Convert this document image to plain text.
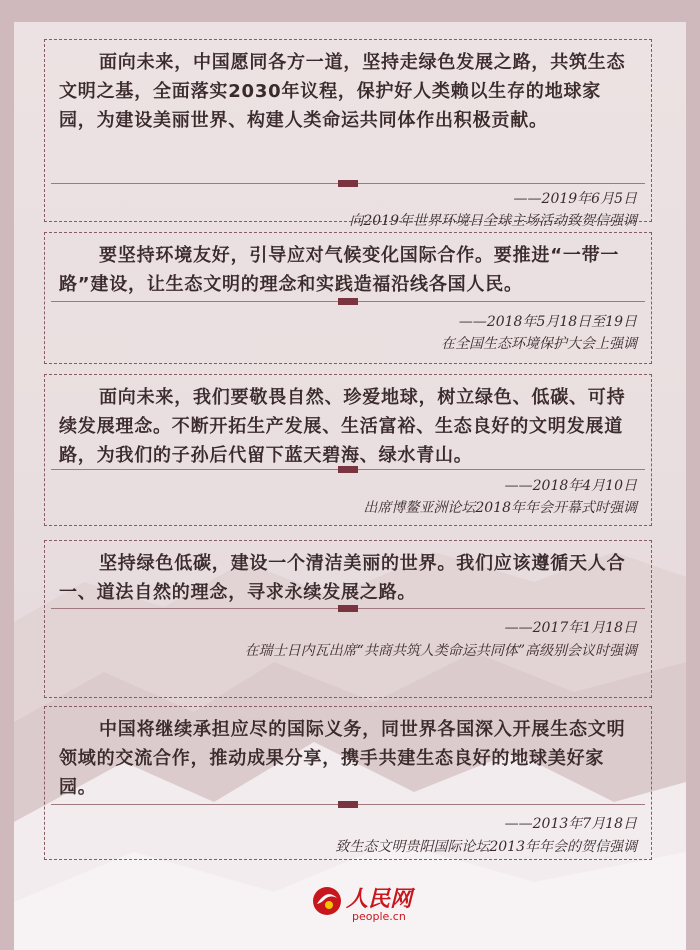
面向未来，中国愿同各方一道，坚持走绿色发展之路，共筑生态文明之基，全面落实2030年议程，保护好人类赖以生存的地球家园，为建设美丽世界、构建人类命运共同体作出积极贡献。

——2019年6月5日
向2019年世界环境日全球主场活动致贺信强调

要坚持环境友好，引导应对气候变化国际合作。要推进“一带一路”建设，让生态文明的理念和实践造福沿线各国人民。

——2018年5月18日至19日
在全国生态环境保护大会上强调

面向未来，我们要敬畏自然、珍爱地球，树立绿色、低碳、可持续发展理念。不断开拓生产发展、生活富裕、生态良好的文明发展道路，为我们的子孙后代留下蓝天碧海、绿水青山。

——2018年4月10日
出席博鳌亚洲论坛2018年年会开幕式时强调

坚持绿色低碳，建设一个清洁美丽的世界。我们应该遵循天人合一、道法自然的理念，寻求永续发展之路。

——2017年1月18日
在瑞士日内瓦出席“共商共筑人类命运共同体”高级别会议时强调

中国将继续承担应尽的国际义务，同世界各国深入开展生态文明领域的交流合作，推动成果分享，携手共建生态良好的地球美好家园。

——2013年7月18日
致生态文明贵阳国际论坛2013年年会的贺信强调
人民网
people.cn
